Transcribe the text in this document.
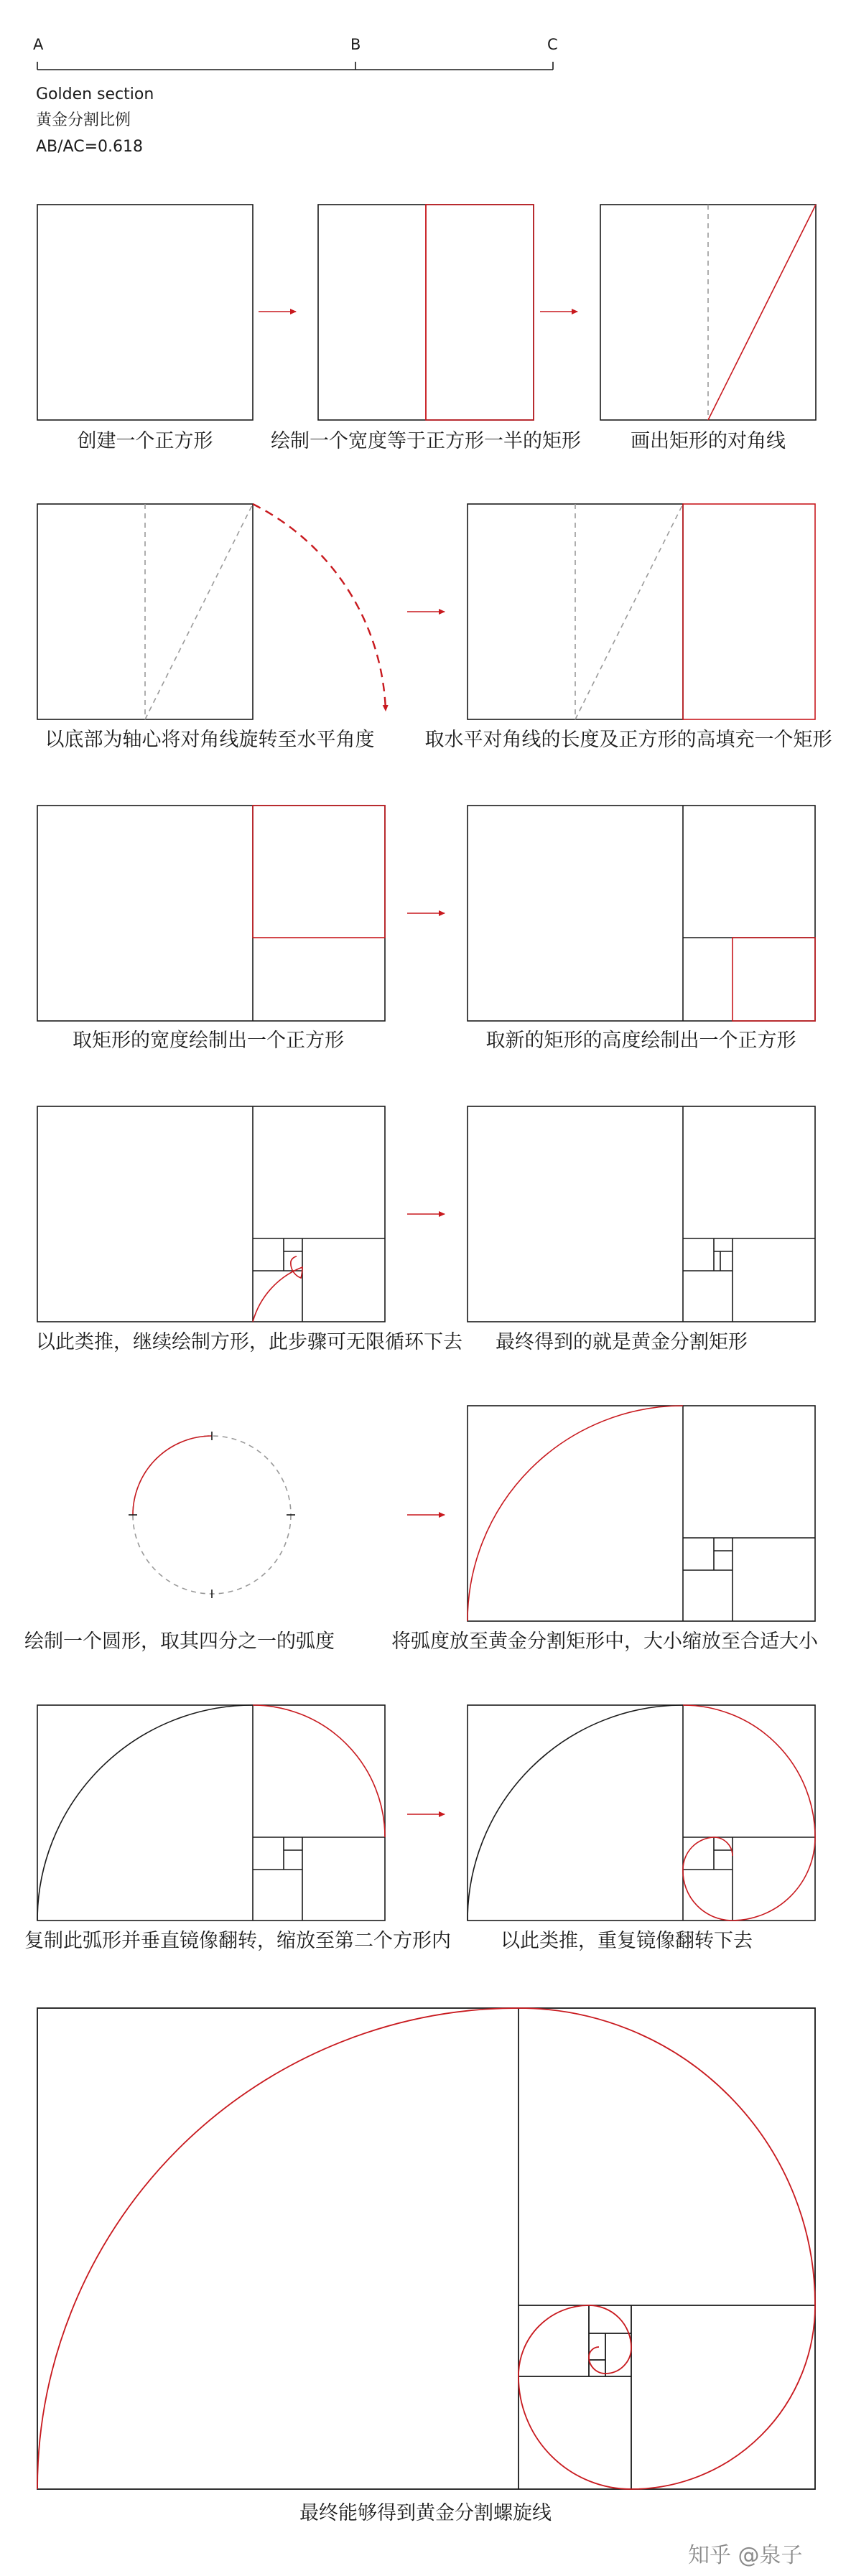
A	B	C
Golden section
黄金分割比例
AB/AC=0.618
创建一个正方形	绘制一个宽度等于正方形一半的矩形	画出矩形的对角线
以底部为轴心将对角线旋转至水平角度	取水平对角线的长度及正方形的高填充一个矩形
取矩形的宽度绘制出一个正方形	取新的矩形的高度绘制出一个正方形
以此类推，继续绘制方形，此步骤可无限循环下去	最终得到的就是黄金分割矩形
绘制一个圆形，取其四分之一的弧度	将弧度放至黄金分割矩形中，大小缩放至合适大小
复制此弧形并垂直镜像翻转，缩放至第二个方形内	以此类推，重复镜像翻转下去
最终能够得到黄金分割螺旋线
知乎 @泉子
